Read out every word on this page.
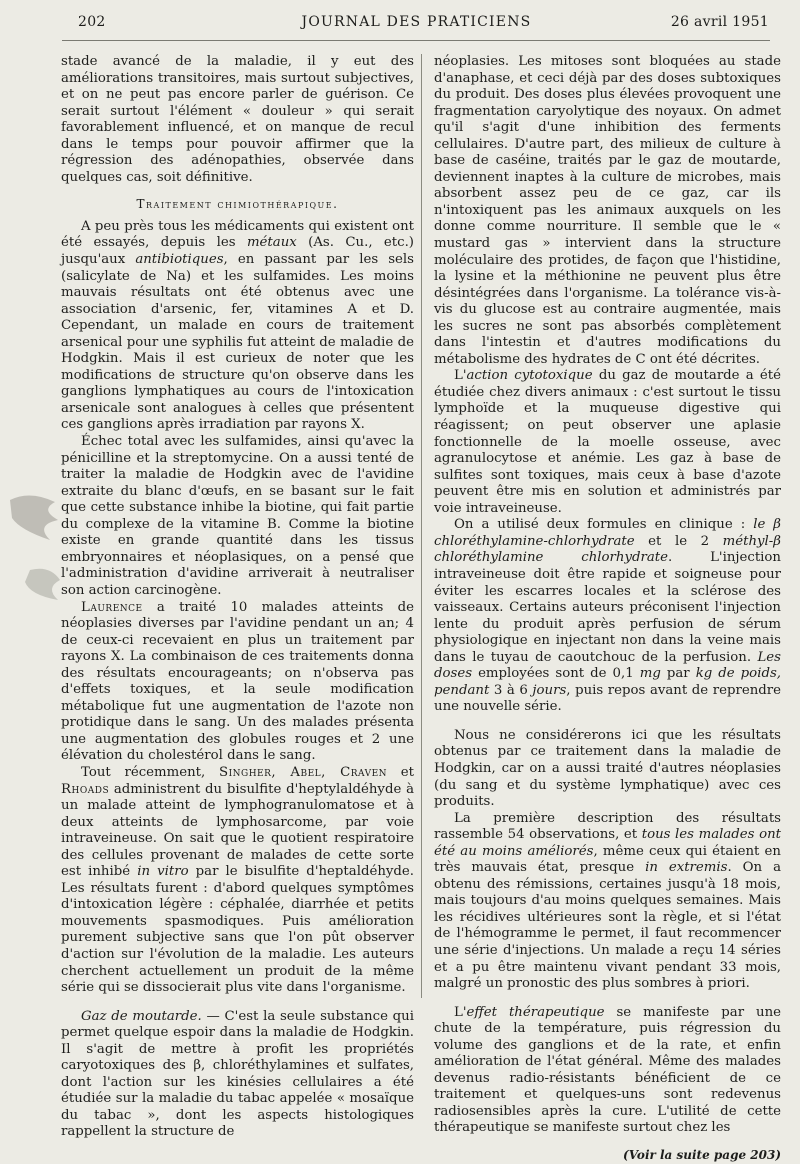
202	JOURNAL DES PRATICIENS	26 avril 1951

stade avancé de la maladie, il y eut des améliorations transitoires, mais surtout subjectives, et on ne peut pas encore parler de guérison. Ce serait surtout l'élément « douleur » qui serait favorablement influencé, et on manque de recul dans le temps pour pouvoir affirmer que la régression des adénopathies, observée dans quelques cas, soit définitive.

Traitement chimiothérapique.

A peu près tous les médicaments qui existent ont été essayés, depuis les métaux (As. Cu., etc.) jusqu'aux antibiotiques, en passant par les sels (salicylate de Na) et les sulfamides. Les moins mauvais résultats ont été obtenus avec une association d'arsenic, fer, vitamines A et D. Cependant, un malade en cours de traitement arsenical pour une syphilis fut atteint de maladie de Hodgkin. Mais il est curieux de noter que les modifications de structure qu'on observe dans les ganglions lymphatiques au cours de l'intoxication arsenicale sont analogues à celles que présentent ces ganglions après irradiation par rayons X.

Échec total avec les sulfamides, ainsi qu'avec la pénicilline et la streptomycine. On a aussi tenté de traiter la maladie de Hodgkin avec de l'avidine extraite du blanc d'œufs, en se basant sur le fait que cette substance inhibe la biotine, qui fait partie du complexe de la vitamine B. Comme la biotine existe en grande quantité dans les tissus embryonnaires et néoplasiques, on a pensé que l'administration d'avidine arriverait à neutraliser son action carcinogène.

Laurence a traité 10 malades atteints de néoplasies diverses par l'avidine pendant un an; 4 de ceux-ci recevaient en plus un traitement par rayons X. La combinaison de ces traitements donna des résultats encourageants; on n'observa pas d'effets toxiques, et la seule modification métabolique fut une augmentation de l'azote non protidique dans le sang. Un des malades présenta une augmentation des globules rouges et 2 une élévation du cholestérol dans le sang.

Tout récemment, Singher, Abel, Craven et Rhoads administrent du bisulfite d'heptylaldéhyde à un malade atteint de lymphogranulomatose et à deux atteints de lymphosarcome, par voie intraveineuse. On sait que le quotient respiratoire des cellules provenant de malades de cette sorte est inhibé in vitro par le bisulfite d'heptaldéhyde. Les résultats furent : d'abord quelques symptômes d'intoxication légère : céphalée, diarrhée et petits mouvements spasmodiques. Puis amélioration purement subjective sans que l'on pût observer d'action sur l'évolution de la maladie. Les auteurs cherchent actuellement un produit de la même série qui se dissocierait plus vite dans l'organisme.

Gaz de moutarde. — C'est la seule substance qui permet quelque espoir dans la maladie de Hodgkin. Il s'agit de mettre à profit les propriétés caryotoxiques des β, chloréthylamines et sulfates, dont l'action sur les kinésies cellulaires a été étudiée sur la maladie du tabac appelée « mosaïque du tabac », dont les aspects histologiques rappellent la structure de

néoplasies. Les mitoses sont bloquées au stade d'anaphase, et ceci déjà par des doses subtoxiques du produit. Des doses plus élevées provoquent une fragmentation caryolytique des noyaux. On admet qu'il s'agit d'une inhibition des ferments cellulaires. D'autre part, des milieux de culture à base de caséine, traités par le gaz de moutarde, deviennent inaptes à la culture de microbes, mais absorbent assez peu de ce gaz, car ils n'intoxiquent pas les animaux auxquels on les donne comme nourriture. Il semble que le « mustard gas » intervient dans la structure moléculaire des protides, de façon que l'histidine, la lysine et la méthionine ne peuvent plus être désintégrées dans l'organisme. La tolérance vis-à-vis du glucose est au contraire augmentée, mais les sucres ne sont pas absorbés complètement dans l'intestin et d'autres modifications du métabolisme des hydrates de C ont été décrites.

L'action cytotoxique du gaz de moutarde a été étudiée chez divers animaux : c'est surtout le tissu lymphoïde et la muqueuse digestive qui réagissent; on peut observer une aplasie fonctionnelle de la moelle osseuse, avec agranulocytose et anémie. Les gaz à base de sulfites sont toxiques, mais ceux à base d'azote peuvent être mis en solution et administrés par voie intraveineuse.

On a utilisé deux formules en clinique : le β chloréthylamine-chlorhydrate et le 2 méthyl-β chloréthylamine chlorhydrate. L'injection intraveineuse doit être rapide et soigneuse pour éviter les escarres locales et la sclérose des vaisseaux. Certains auteurs préconisent l'injection lente du produit après perfusion de sérum physiologique en injectant non dans la veine mais dans le tuyau de caoutchouc de la perfusion. Les doses employées sont de 0,1 mg par kg de poids, pendant 3 à 6 jours, puis repos avant de reprendre une nouvelle série.

Nous ne considérerons ici que les résultats obtenus par ce traitement dans la maladie de Hodgkin, car on a aussi traité d'autres néoplasies (du sang et du système lymphatique) avec ces produits.

La première description des résultats rassemble 54 observations, et tous les malades ont été au moins améliorés, même ceux qui étaient en très mauvais état, presque in extremis. On a obtenu des rémissions, certaines jusqu'à 18 mois, mais toujours d'au moins quelques semaines. Mais les récidives ultérieures sont la règle, et si l'état de l'hémogramme le permet, il faut recommencer une série d'injections. Un malade a reçu 14 séries et a pu être maintenu vivant pendant 33 mois, malgré un pronostic des plus sombres à priori.

L'effet thérapeutique se manifeste par une chute de la température, puis régression du volume des ganglions et de la rate, et enfin amélioration de l'état général. Même des malades devenus radio-résistants bénéficient de ce traitement et quelques-uns sont redevenus radiosensibles après la cure. L'utilité de cette thérapeutique se manifeste surtout chez les

(Voir la suite page 203)
